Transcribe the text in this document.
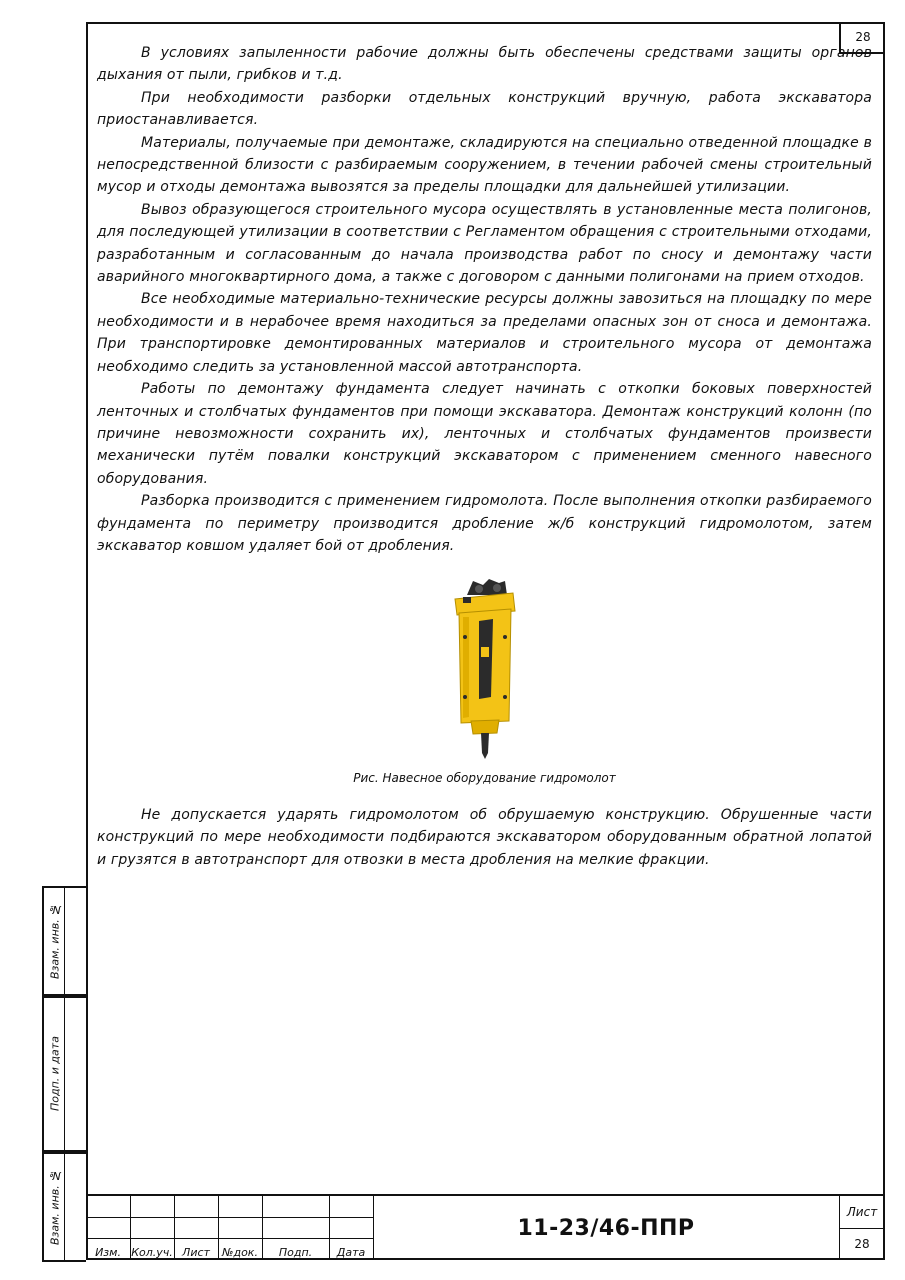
28
Взам. инв. №
Подп. и дата
Взам. инв. №

В условиях запыленности рабочие должны быть обеспечены средствами защиты органов дыхания от пыли, грибков и т.д.

При необходимости разборки отдельных конструкций вручную, работа экскаватора приостанавливается.

Материалы, получаемые при демонтаже, складируются на специально отведенной площадке в непосредственной близости с разбираемым сооружением, в течении рабочей смены строительный мусор и отходы демонтажа вывозятся за пределы площадки для дальнейшей утилизации.

Вывоз образующегося строительного мусора осуществлять в установленные места полигонов, для последующей утилизации в соответствии с Регламентом обращения с строительными отходами, разработанным и согласованным до начала производства работ по сносу и демонтажу части аварийного многоквартирного дома, а также с договором с данными полигонами на прием отходов.

Все необходимые материально-технические ресурсы должны завозиться на площадку по мере необходимости и в нерабочее время находиться за пределами опасных зон от сноса и демонтажа. При транспортировке демонтированных материалов и строительного мусора от демонтажа необходимо следить за установленной массой автотранспорта.

Работы по демонтажу фундамента следует начинать с откопки боковых поверхностей ленточных и столбчатых фундаментов при помощи экскаватора. Демонтаж конструкций колонн (по причине невозможности сохранить их), ленточных и столбчатых фундаментов произвести механически путём повалки конструкций экскаватором с применением сменного навесного оборудования.

Разборка производится с применением гидромолота. После выполнения откопки разбираемого фундамента по периметру производится дробление ж/б конструкций гидромолотом, затем экскаватор ковшом удаляет бой от дробления.

Рис. Навесное оборудование гидромолот

Не допускается ударять гидромолотом об обрушаемую конструкцию. Обрушенные части конструкций по мере необходимости подбираются экскаватором оборудованным обратной лопатой и грузятся в автотранспорт для отвозки в места дробления на мелкие фракции.

Изм. Кол.уч. Лист	№док.	Подп.	Дата
11-23/46-ППР
Лист
28
